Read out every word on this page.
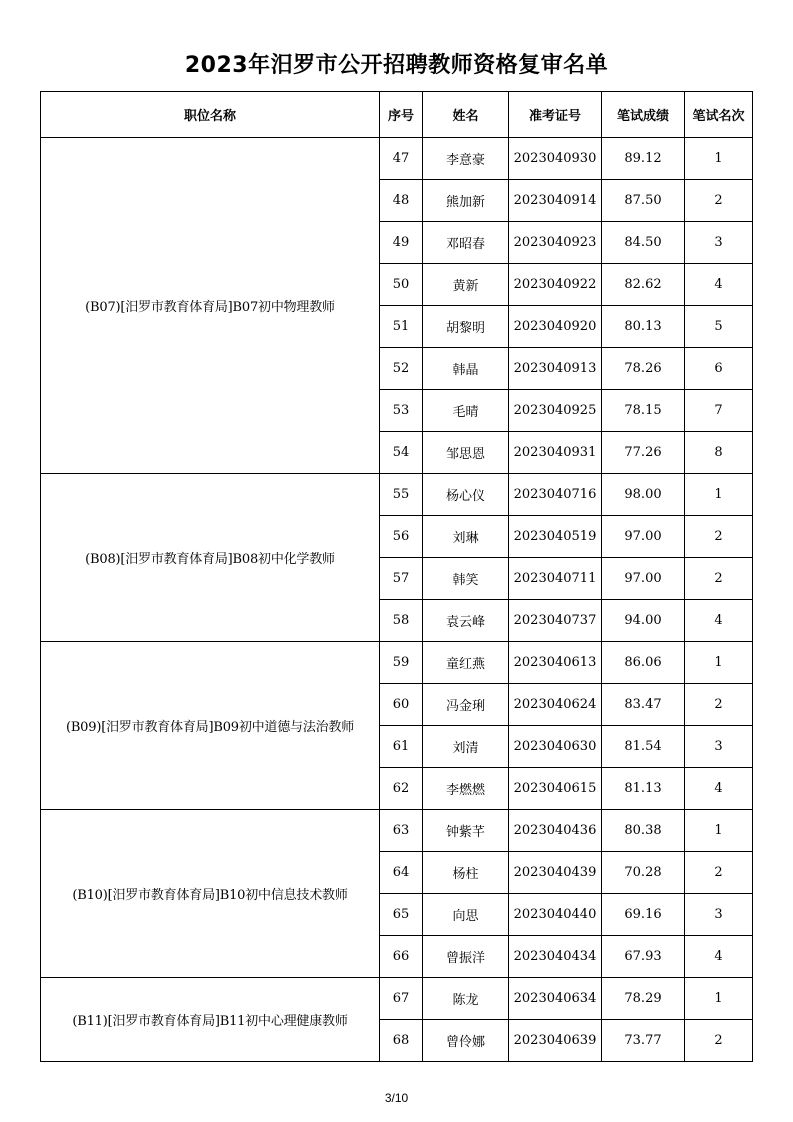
2023年汨罗市公开招聘教师资格复审名单
职位名称	序号	姓名	准考证号	笔试成绩	笔试名次
(B07)[汨罗市教育体育局]B07初中物理教师	47	李意豪	2023040930	89.12	1
	48	熊加新	2023040914	87.50	2
	49	邓昭春	2023040923	84.50	3
	50	黄新	2023040922	82.62	4
	51	胡黎明	2023040920	80.13	5
	52	韩晶	2023040913	78.26	6
	53	毛晴	2023040925	78.15	7
	54	邹思恩	2023040931	77.26	8
(B08)[汨罗市教育体育局]B08初中化学教师	55	杨心仪	2023040716	98.00	1
	56	刘琳	2023040519	97.00	2
	57	韩笑	2023040711	97.00	2
	58	袁云峰	2023040737	94.00	4
(B09)[汨罗市教育体育局]B09初中道德与法治教师	59	童红燕	2023040613	86.06	1
	60	冯金琍	2023040624	83.47	2
	61	刘清	2023040630	81.54	3
	62	李燃燃	2023040615	81.13	4
(B10)[汨罗市教育体育局]B10初中信息技术教师	63	钟紫芊	2023040436	80.38	1
	64	杨柱	2023040439	70.28	2
	65	向思	2023040440	69.16	3
	66	曾振洋	2023040434	67.93	4
(B11)[汨罗市教育体育局]B11初中心理健康教师	67	陈龙	2023040634	78.29	1
	68	曾伶娜	2023040639	73.77	2
3/10
